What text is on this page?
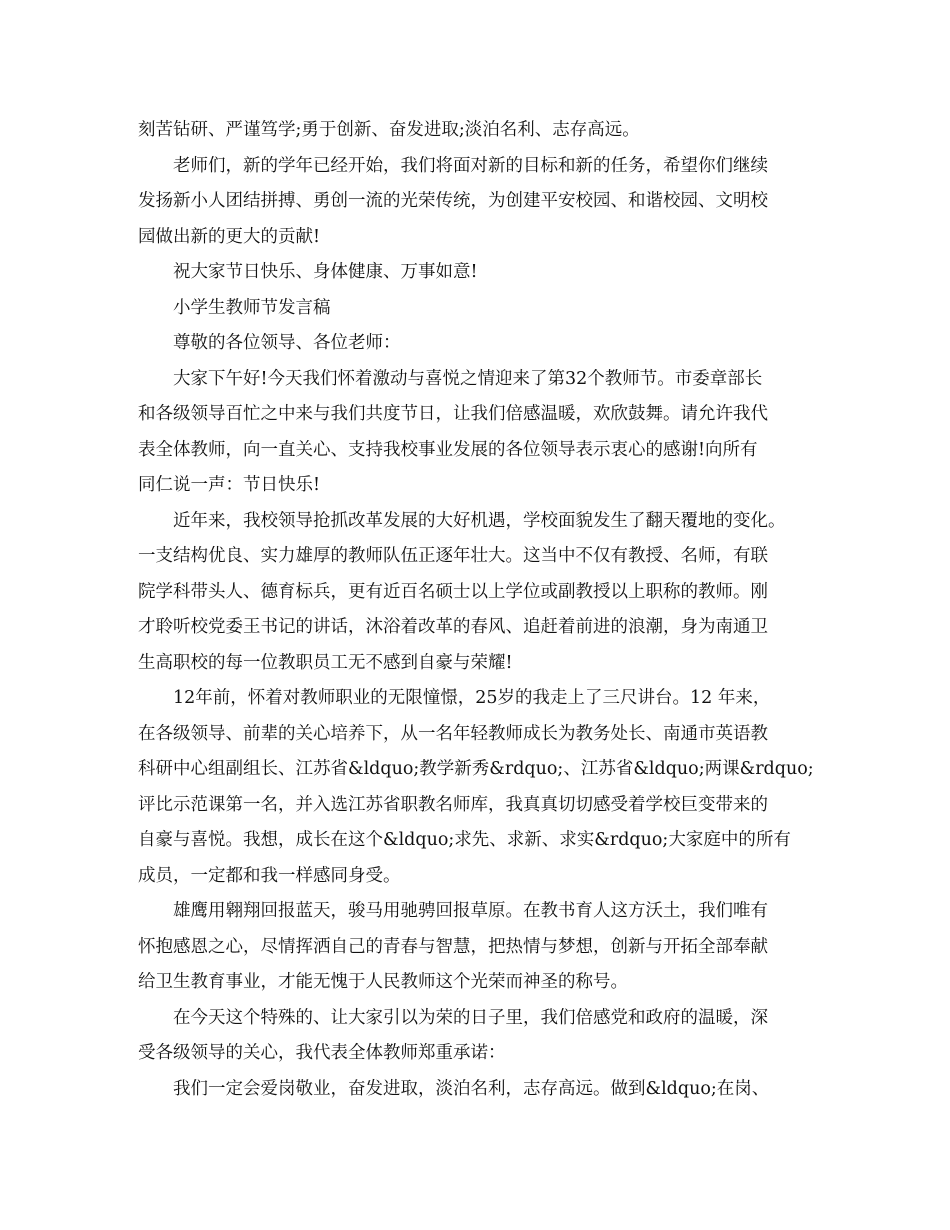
刻苦钻研、严谨笃学;勇于创新、奋发进取;淡泊名利、志存高远。
老师们，新的学年已经开始，我们将面对新的目标和新的任务，希望你们继续
发扬新小人团结拼搏、勇创一流的光荣传统，为创建平安校园、和谐校园、文明校
园做出新的更大的贡献!
祝大家节日快乐、身体健康、万事如意!
小学生教师节发言稿
尊敬的各位领导、各位老师：
大家下午好!今天我们怀着激动与喜悦之情迎来了第32个教师节。市委章部长
和各级领导百忙之中来与我们共度节日，让我们倍感温暖，欢欣鼓舞。请允许我代
表全体教师，向一直关心、支持我校事业发展的各位领导表示衷心的感谢!向所有
同仁说一声：节日快乐!
近年来，我校领导抢抓改革发展的大好机遇，学校面貌发生了翻天覆地的变化。
一支结构优良、实力雄厚的教师队伍正逐年壮大。这当中不仅有教授、名师，有联
院学科带头人、德育标兵，更有近百名硕士以上学位或副教授以上职称的教师。刚
才聆听校党委王书记的讲话，沐浴着改革的春风、追赶着前进的浪潮，身为南通卫
生高职校的每一位教职员工无不感到自豪与荣耀!
12年前，怀着对教师职业的无限憧憬，25岁的我走上了三尺讲台。12 年来，
在各级领导、前辈的关心培养下，从一名年轻教师成长为教务处长、南通市英语教
科研中心组副组长、江苏省&ldquo;教学新秀&rdquo;、江苏省&ldquo;两课&rdquo;
评比示范课第一名，并入选江苏省职教名师库，我真真切切感受着学校巨变带来的
自豪与喜悦。我想，成长在这个&ldquo;求先、求新、求实&rdquo;大家庭中的所有
成员，一定都和我一样感同身受。
雄鹰用翱翔回报蓝天，骏马用驰骋回报草原。在教书育人这方沃土，我们唯有
怀抱感恩之心，尽情挥洒自己的青春与智慧，把热情与梦想，创新与开拓全部奉献
给卫生教育事业，才能无愧于人民教师这个光荣而神圣的称号。
在今天这个特殊的、让大家引以为荣的日子里，我们倍感党和政府的温暖，深
受各级领导的关心，我代表全体教师郑重承诺：
我们一定会爱岗敬业，奋发进取，淡泊名利，志存高远。做到&ldquo;在岗、
